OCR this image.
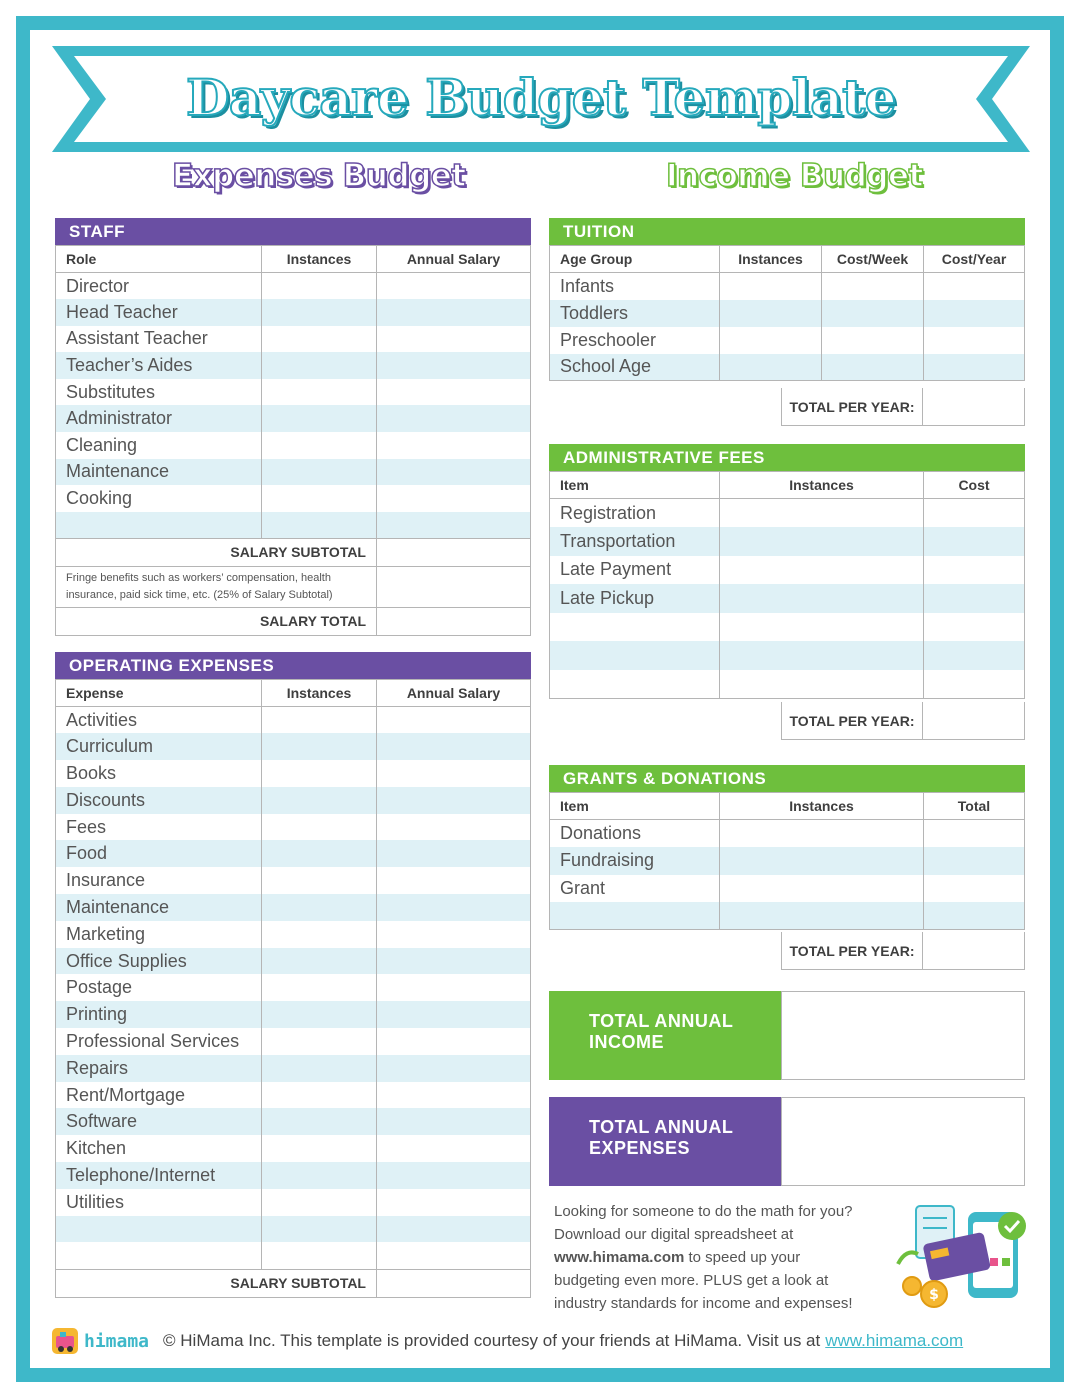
Daycare Budget Template
Expenses Budget	Income Budget
STAFF
Role	Instances	Annual Salary
Director		
Head Teacher		
Assistant Teacher		
Teacher’s Aides		
Substitutes		
Administrator		
Cleaning		
Maintenance		
Cooking		

SALARY SUBTOTAL		
Fringe benefits such as workers’ compensation, health insurance, paid sick time, etc. (25% of Salary Subtotal)		
SALARY TOTAL		
OPERATING EXPENSES
Expense	Instances	Annual Salary
Activities		
Curriculum		
Books		
Discounts		
Fees		
Food		
Insurance		
Maintenance		
Marketing		
Office Supplies		
Postage		
Printing		
Professional Services		
Repairs		
Rent/Mortgage		
Software		
Kitchen		
Telephone/Internet		
Utilities		

SALARY SUBTOTAL		
TUITION
Age Group	Instances	Cost/Week	Cost/Year
Infants			
Toddlers			
Preschooler			
School Age			
TOTAL PER YEAR:
ADMINISTRATIVE FEES
Item	Instances	Cost
Registration		
Transportation		
Late Payment		
Late Pickup		

TOTAL PER YEAR:
GRANTS & DONATIONS
Item	Instances	Total
Donations		
Fundraising		
Grant		

TOTAL PER YEAR:
TOTAL ANNUAL
INCOME
TOTAL ANNUAL
EXPENSES
Looking for someone to do the math for you?
Download our digital spreadsheet at
www.himama.com to speed up your
budgeting even more. PLUS get a look at
industry standards for income and expenses!	$
himama © HiMama Inc. This template is provided courtesy of your friends at HiMama. Visit us at www.himama.com
